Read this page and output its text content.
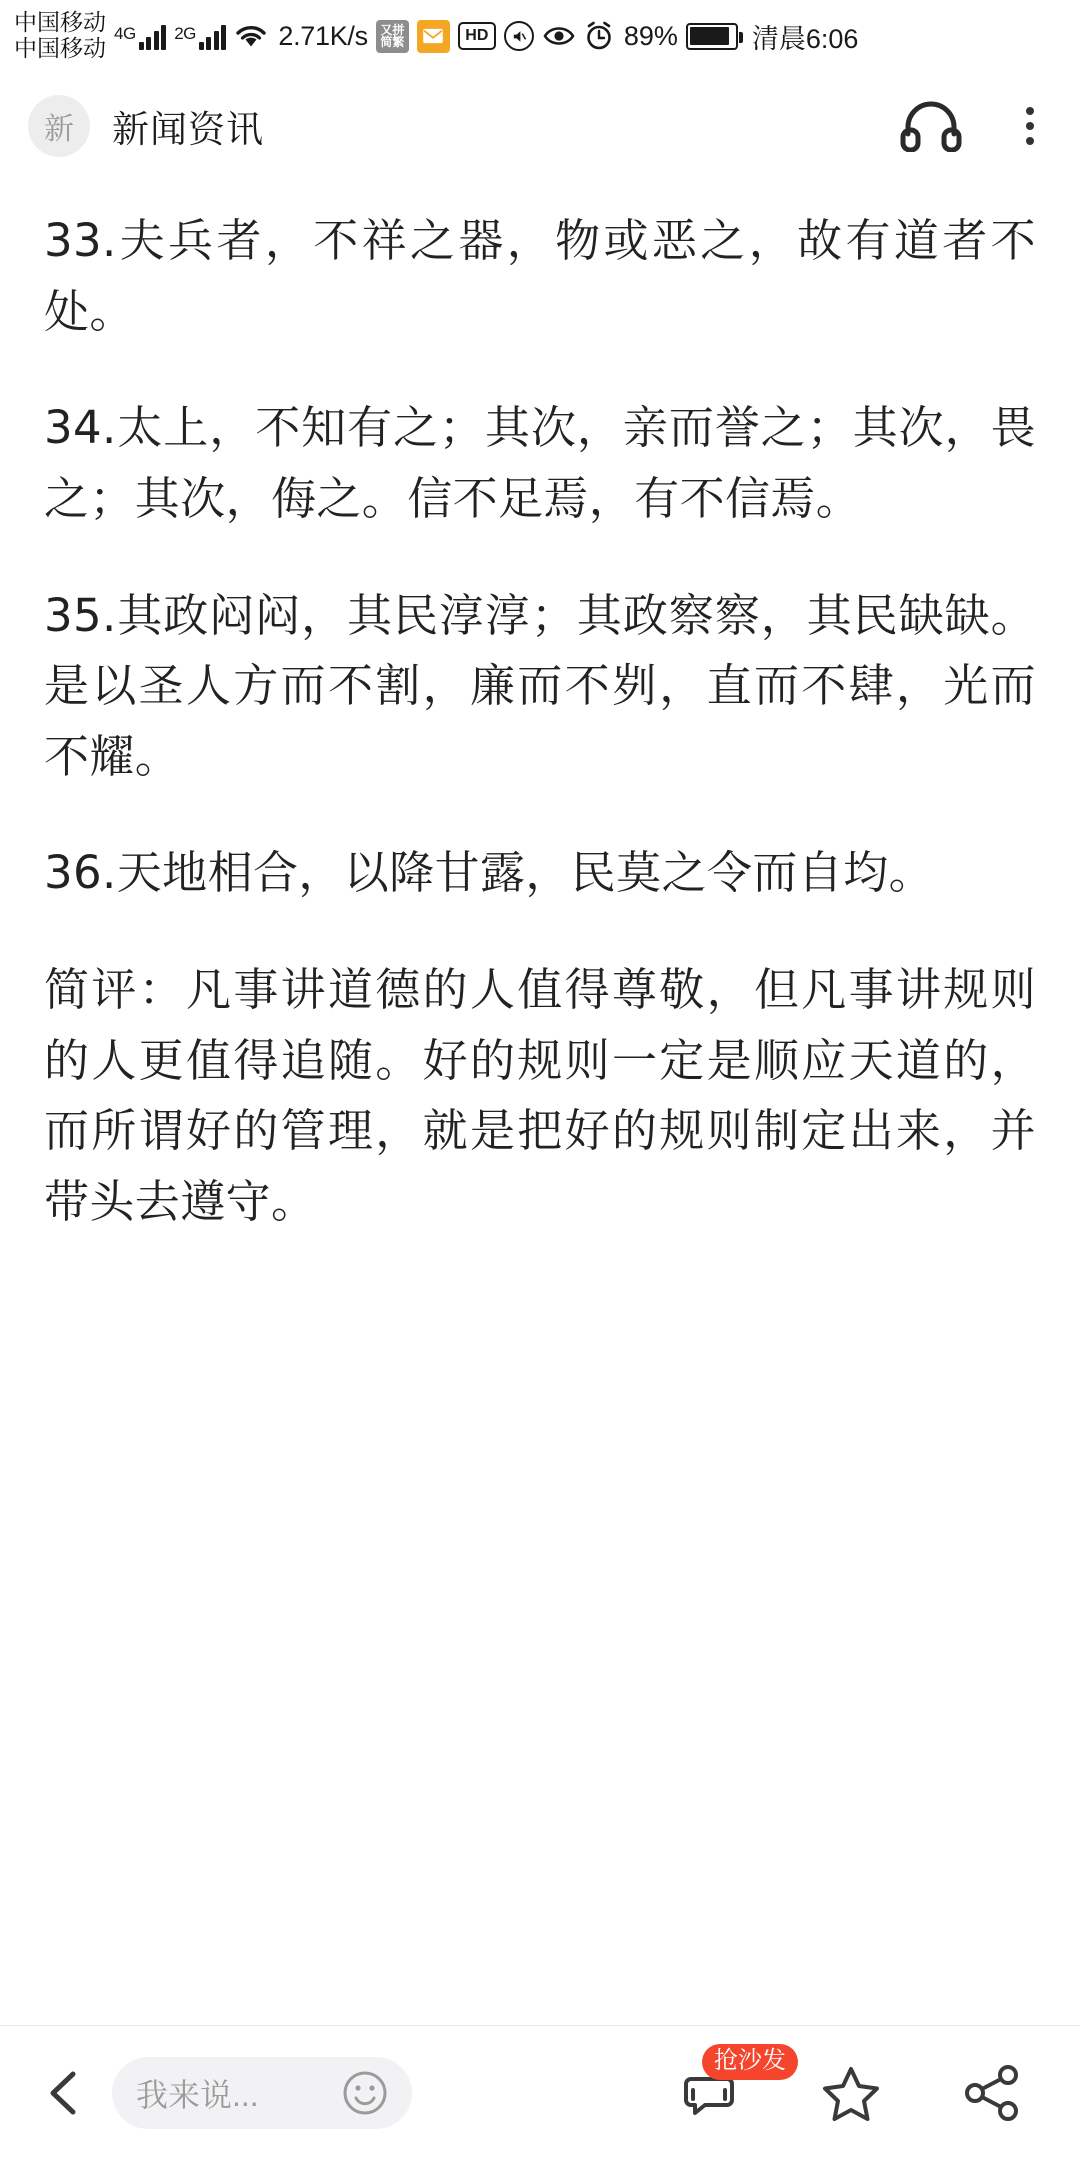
中国移动
中国移动
4G 2G	2.71K/s	又拼
简繁	HD	89%	清晨6:06
新	新闻资讯

33.夫兵者，不祥之器，物或恶之，故有道者不处。

34.太上，不知有之；其次，亲而誉之；其次，畏之；其次，侮之。信不足焉，有不信焉。

35.其政闷闷，其民淳淳；其政察察，其民缺缺。是以圣人方而不割，廉而不刿，直而不肆，光而不耀。

36.天地相合，以降甘露，民莫之令而自均。

简评：凡事讲道德的人值得尊敬，但凡事讲规则的人更值得追随。好的规则一定是顺应天道的，而所谓好的管理，就是把好的规则制定出来，并带头去遵守。

我来说...
抢沙发
